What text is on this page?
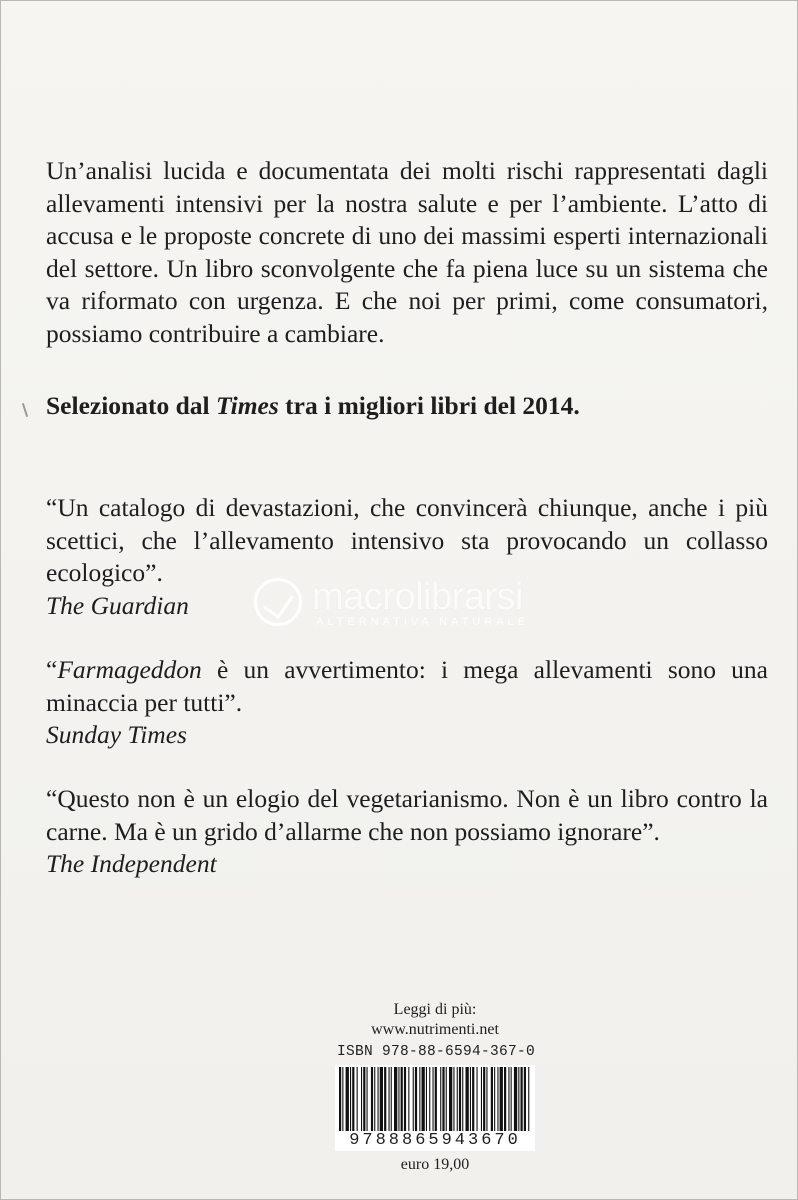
Un’analisi lucida e documentata dei molti rischi rappresentati dagli allevamenti intensivi per la nostra salute e per l’ambiente. L’atto di accusa e le proposte concrete di uno dei massimi esperti internazionali del settore. Un libro sconvolgente che fa piena luce su un sistema che va riformato con urgenza. E che noi per primi, come consumatori, possiamo contribuire a cambiare.
Selezionato dal Times tra i migliori libri del 2014.

“Un catalogo di devastazioni, che convincerà chiunque, anche i più scettici, che l’allevamento intensivo sta provocando un collasso ecologico”.

The Guardian

“Farmageddon è un avvertimento: i mega allevamenti sono una minaccia per tutti”.

Sunday Times

“Questo non è un elogio del vegetarianismo. Non è un libro contro la carne. Ma è un grido d’allarme che non possiamo ignorare”.

The Independent
macrolibrarsi
ALTERNATIVA NATURALE
Leggi di più:
www.nutrimenti.net
ISBN 978-88-6594-367-0
9788865943670
euro 19,00
